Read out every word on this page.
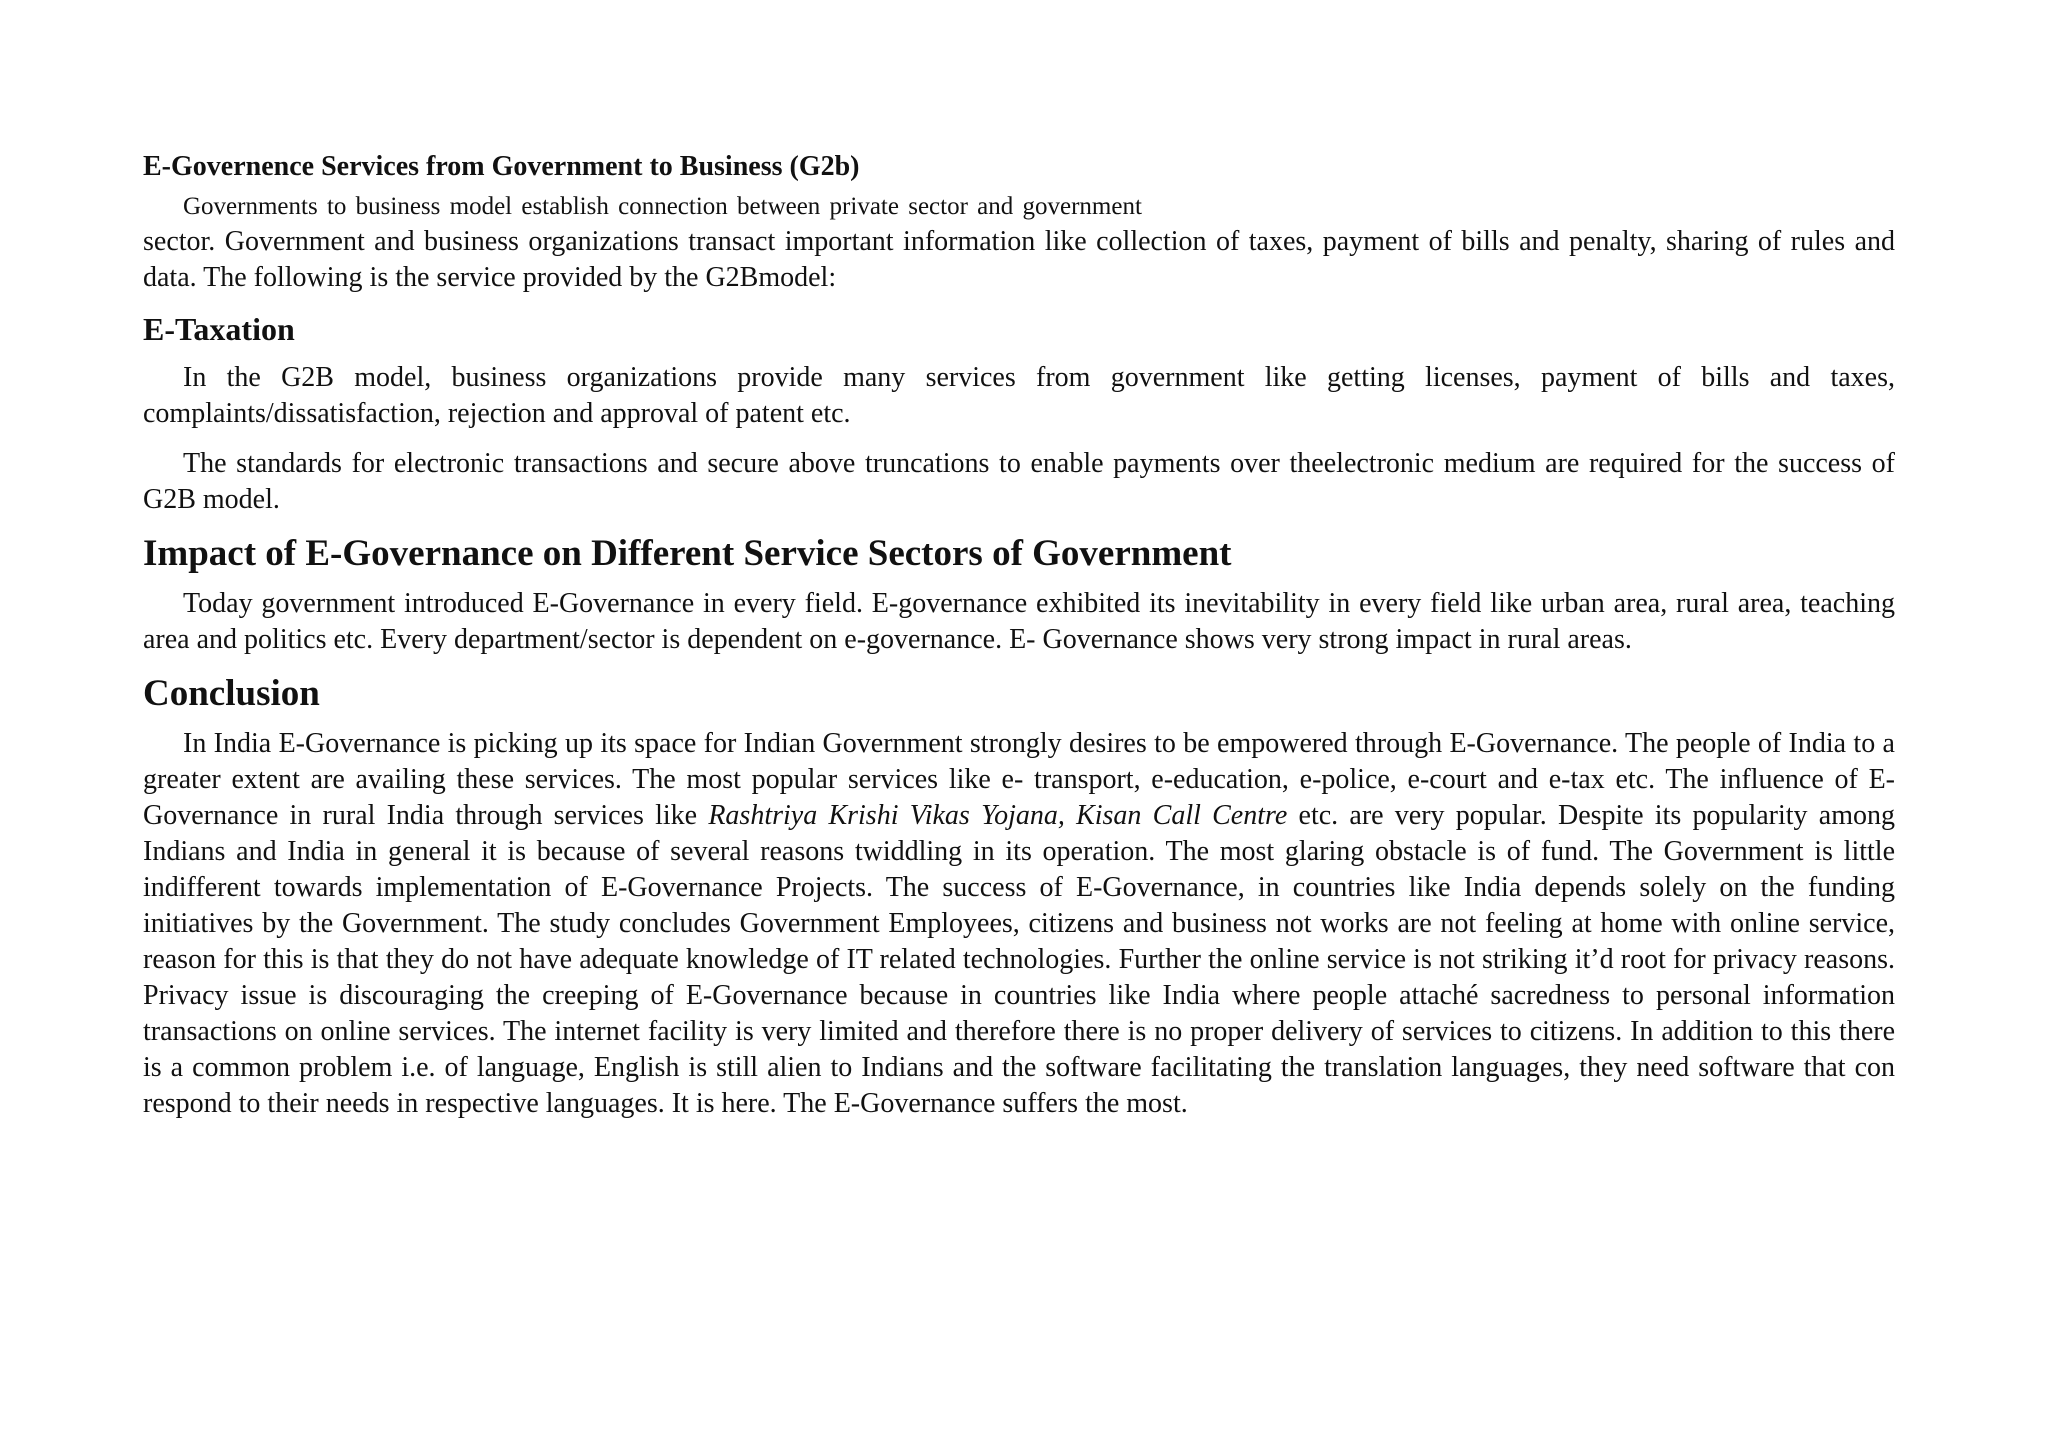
E-Governence Services from Government to Business (G2b)
Governments to business model establish connection between private sector and government

sector. Government and business organizations transact important information like collection of taxes, payment of bills and penalty, sharing of rules and data. The following is the service provided by the G2Bmodel:

E-Taxation

In the G2B model, business organizations provide many services from government like getting licenses, payment of bills and taxes, complaints/dissatisfaction, rejection and approval of patent etc.

The standards for electronic transactions and secure above truncations to enable payments over theelectronic medium are required for the success of G2B model.

Impact of E-Governance on Different Service Sectors of Government

Today government introduced E-Governance in every field. E-governance exhibited its inevitability in every field like urban area, rural area, teaching area and politics etc. Every department/sector is dependent on e-governance. E- Governance shows very strong impact in rural areas.

Conclusion

In India E-Governance is picking up its space for Indian Government strongly desires to be empowered through E-Governance. The people of India to a greater extent are availing these services. The most popular services like e- transport, e-education, e-police, e-court and e-tax etc. The influence of E-Governance in rural India through services like Rashtriya Krishi Vikas Yojana, Kisan Call Centre etc. are very popular. Despite its popularity among Indians and India in general it is because of several reasons twiddling in its operation. The most glaring obstacle is of fund. The Government is little indifferent towards implementation of E-Governance Projects. The success of E-Governance, in countries like India depends solely on the funding initiatives by the Government. The study concludes Government Employees, citizens and business not works are not feeling at home with online service, reason for this is that they do not have adequate knowledge of IT related technologies. Further the online service is not striking it’d root for privacy reasons. Privacy issue is discouraging the creeping of E-Governance because in countries like India where people attaché sacredness to personal information transactions on online services. The internet facility is very limited and therefore there is no proper delivery of services to citizens. In addition to this there is a common problem i.e. of language, English is still alien to Indians and the software facilitating the translation languages, they need software that con respond to their needs in respective languages. It is here. The E-Governance suffers the most.
